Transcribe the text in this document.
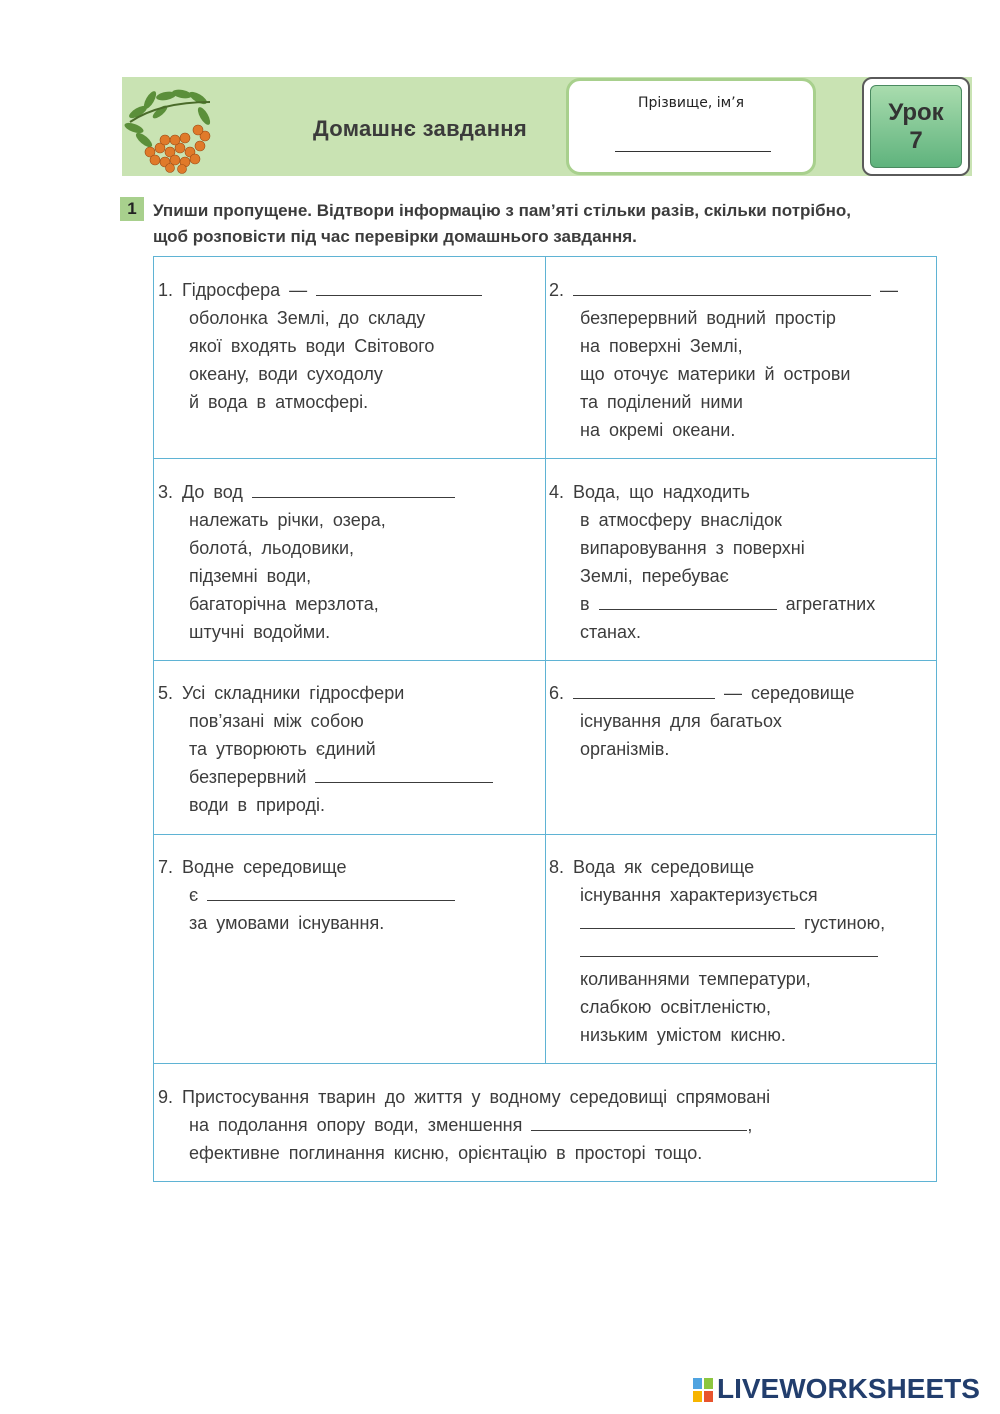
Домашнє завдання
Прізвище, ім’я	Урок
7
1 Упиши пропущене. Відтвори інформацію з пам’яті стільки разів, скільки потрібно,
щоб розповісти під час перевірки домашнього завдання.
1. Гідросфера —
оболонка Землі, до складу
якої входять води Світового
океану, води суходолу
й вода в атмосфері.
2.	—
безперервний водний простір
на поверхні Землі,
що оточує материки й острови
та поділений ними
на окремі океани.
3. До вод
належать річки, озера,
болотá, льодовики,
підземні води,
багаторічна мерзлота,
штучні водойми.
4. Вода, що надходить
в атмосферу внаслідок
випаровування з поверхні
Землі, перебуває
в	агрегатних
станах.
5. Усі складники гідросфери
пов’язані між собою
та утворюють єдиний
безперервний
води в природі.
6.	— середовище
існування для багатьох
організмів.
7. Водне середовище
є
за умовами існування.
8. Вода як середовище
існування характеризується
густиною,
коливаннями температури,
слабкою освітленістю,
низьким умістом кисню.
9. Пристосування тварин до життя у водному середовищі спрямовані
на подолання опору води, зменшення	,
ефективне поглинання кисню, орієнтацію в просторі тощо.
LIVEWORKSHEETS
